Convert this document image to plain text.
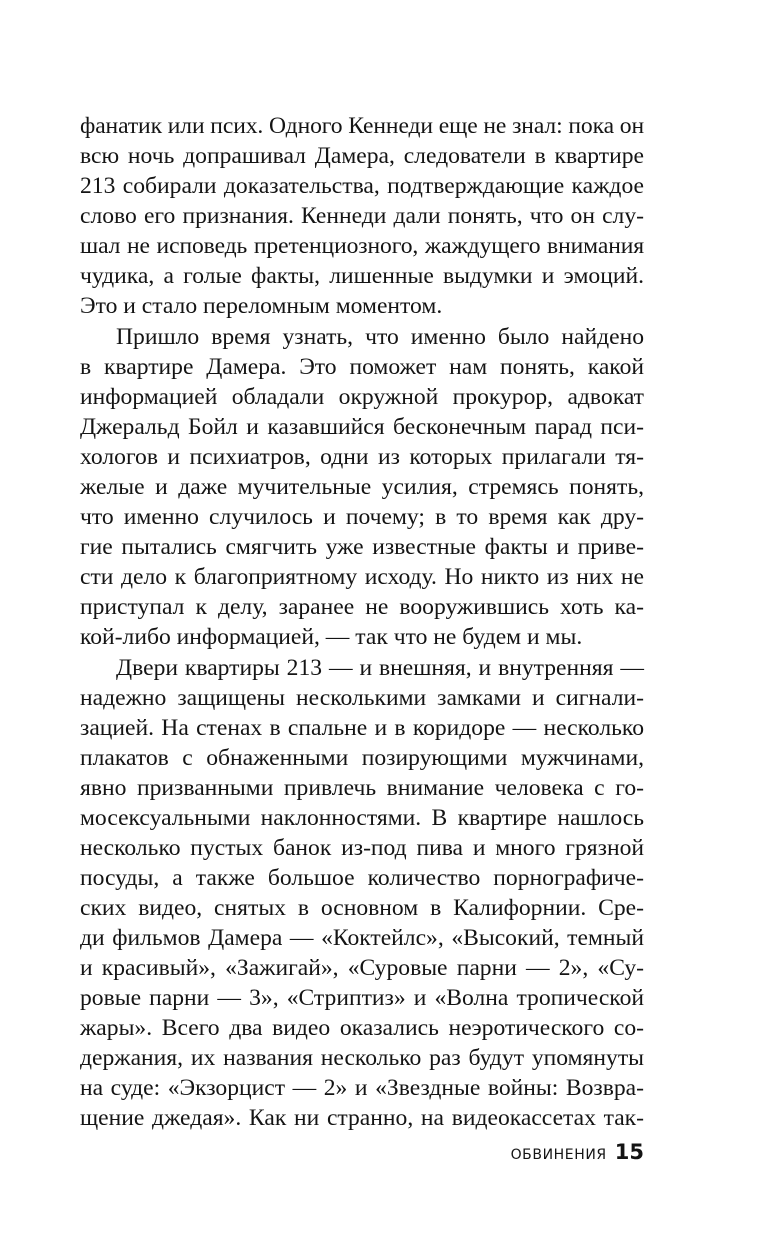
фанатик или псих. Одного Кеннеди еще не знал: пока он
всю ночь допрашивал Дамера, следователи в квартире
213 собирали доказательства, подтверждающие каждое
слово его признания. Кеннеди дали понять, что он слу-
шал не исповедь претенциозного, жаждущего внимания
чудика, а голые факты, лишенные выдумки и эмоций.
Это и стало переломным моментом.
Пришло время узнать, что именно было найдено
в квартире Дамера. Это поможет нам понять, какой
информацией обладали окружной прокурор, адвокат
Джеральд Бойл и казавшийся бесконечным парад пси-
хологов и психиатров, одни из которых прилагали тя-
желые и даже мучительные усилия, стремясь понять,
что именно случилось и почему; в то время как дру-
гие пытались смягчить уже известные факты и приве-
сти дело к благоприятному исходу. Но никто из них не
приступал к делу, заранее не вооружившись хоть ка-
кой-либо информацией, — так что не будем и мы.
Двери квартиры 213 — и внешняя, и внутренняя —
надежно защищены несколькими замками и сигнали-
зацией. На стенах в спальне и в коридоре — несколько
плакатов с обнаженными позирующими мужчинами,
явно призванными привлечь внимание человека с го-
мосексуальными наклонностями. В квартире нашлось
несколько пустых банок из-под пива и много грязной
посуды, а также большое количество порнографиче-
ских видео, снятых в основном в Калифорнии. Сре-
ди фильмов Дамера — «Коктейлс», «Высокий, темный
и красивый», «Зажигай», «Суровые парни — 2», «Су-
ровые парни — 3», «Стриптиз» и «Волна тропической
жары». Всего два видео оказались неэротического со-
держания, их названия несколько раз будут упомянуты
на суде: «Экзорцист — 2» и «Звездные войны: Возвра-
щение джедая». Как ни странно, на видеокассетах так-
ОБВИНЕНИЯ 15
